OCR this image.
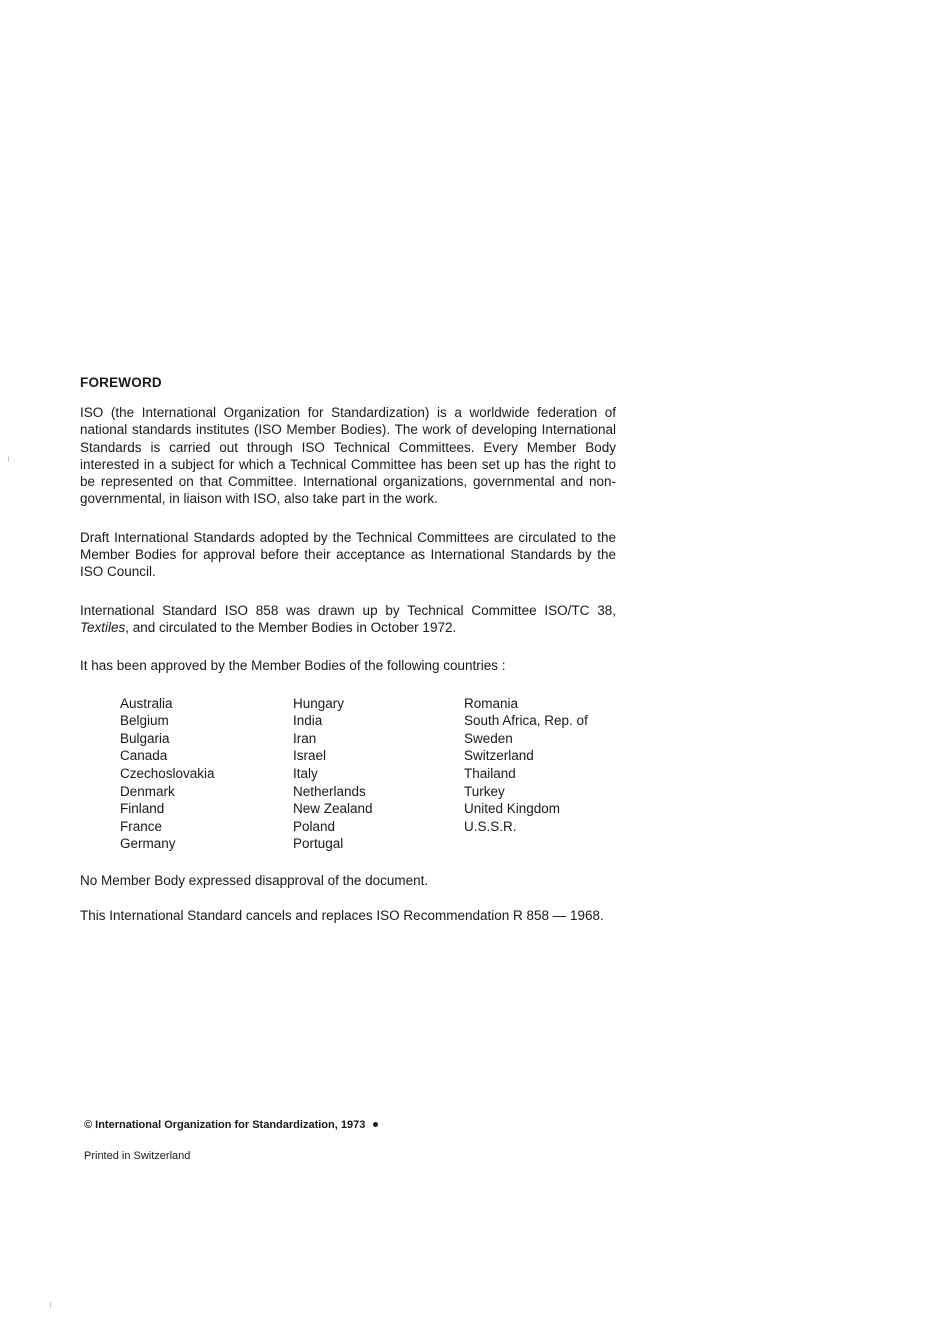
FOREWORD

ISO (the International Organization for Standardization) is a worldwide federation of national standards institutes (ISO Member Bodies). The work of developing International Standards is carried out through ISO Technical Committees. Every Member Body interested in a subject for which a Technical Committee has been set up has the right to be represented on that Committee. International organizations, governmental and non-governmental, in liaison with ISO, also take part in the work.

Draft International Standards adopted by the Technical Committees are circulated to the Member Bodies for approval before their acceptance as International Standards by the ISO Council.

International Standard ISO 858 was drawn up by Technical Committee ISO/TC 38, Textiles, and circulated to the Member Bodies in October 1972.

It has been approved by the Member Bodies of the following countries :

Australia
Belgium
Bulgaria
Canada
Czechoslovakia
Denmark
Finland
France
Germany
Hungary
India
Iran
Israel
Italy
Netherlands
New Zealand
Poland
Portugal
Romania
South Africa, Rep. of
Sweden
Switzerland
Thailand
Turkey
United Kingdom
U.S.S.R.

No Member Body expressed disapproval of the document.

This International Standard cancels and replaces ISO Recommendation R 858 — 1968.

© International Organization for Standardization, 1973
Printed in Switzerland
